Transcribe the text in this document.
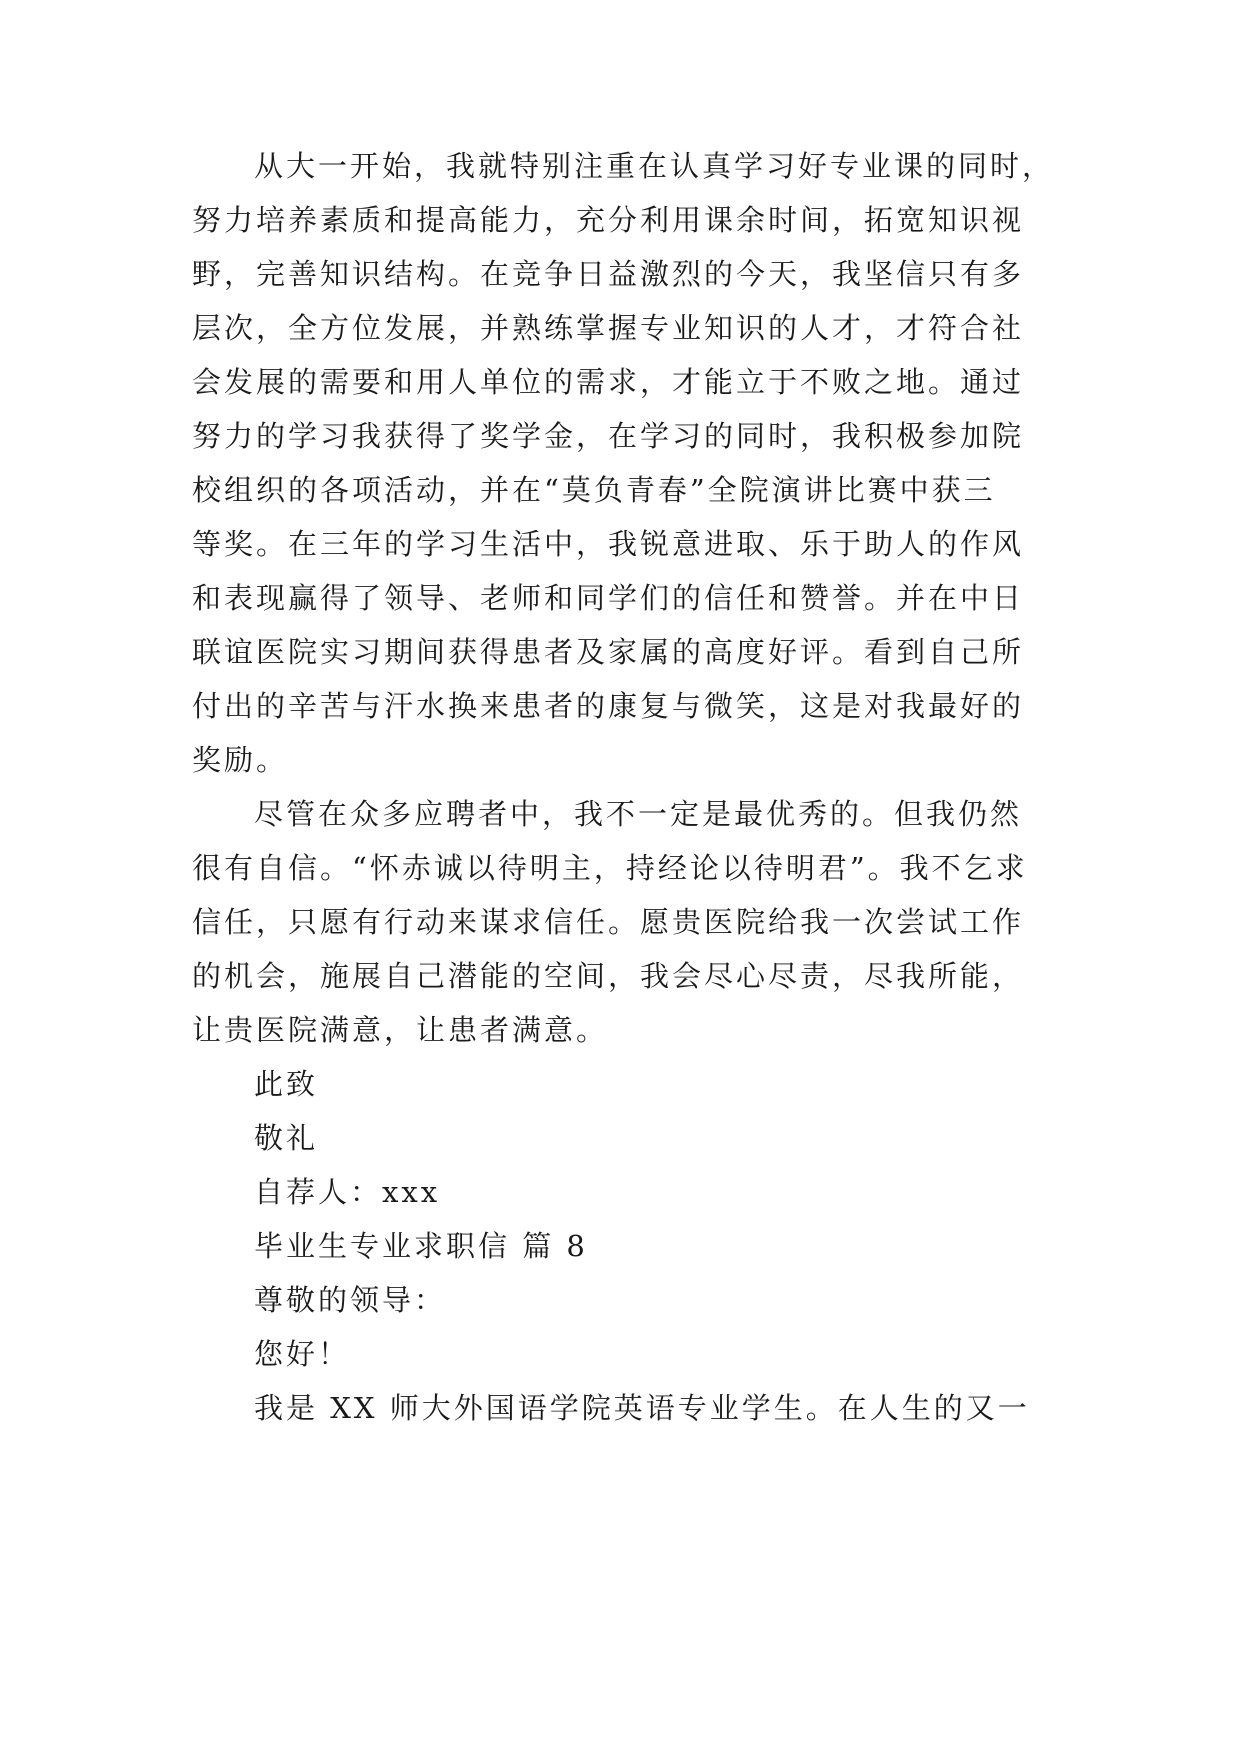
从大一开始，我就特别注重在认真学习好专业课的同时，

努力培养素质和提高能力，充分利用课余时间，拓宽知识视

野，完善知识结构。在竞争日益激烈的今天，我坚信只有多

层次，全方位发展，并熟练掌握专业知识的人才，才符合社

会发展的需要和用人单位的需求，才能立于不败之地。通过

努力的学习我获得了奖学金，在学习的同时，我积极参加院

校组织的各项活动，并在“莫负青春”全院演讲比赛中获三

等奖。在三年的学习生活中，我锐意进取、乐于助人的作风

和表现赢得了领导、老师和同学们的信任和赞誉。并在中日

联谊医院实习期间获得患者及家属的高度好评。看到自己所

付出的辛苦与汗水换来患者的康复与微笑，这是对我最好的

奖励。

尽管在众多应聘者中，我不一定是最优秀的。但我仍然

很有自信。“怀赤诚以待明主，持经论以待明君”。我不乞求

信任，只愿有行动来谋求信任。愿贵医院给我一次尝试工作

的机会，施展自己潜能的空间，我会尽心尽责，尽我所能，

让贵医院满意，让患者满意。

此致

敬礼

自荐人：xxx

毕业生专业求职信 篇 8

尊敬的领导：

您好！

我是 XX 师大外国语学院英语专业学生。在人生的又一
